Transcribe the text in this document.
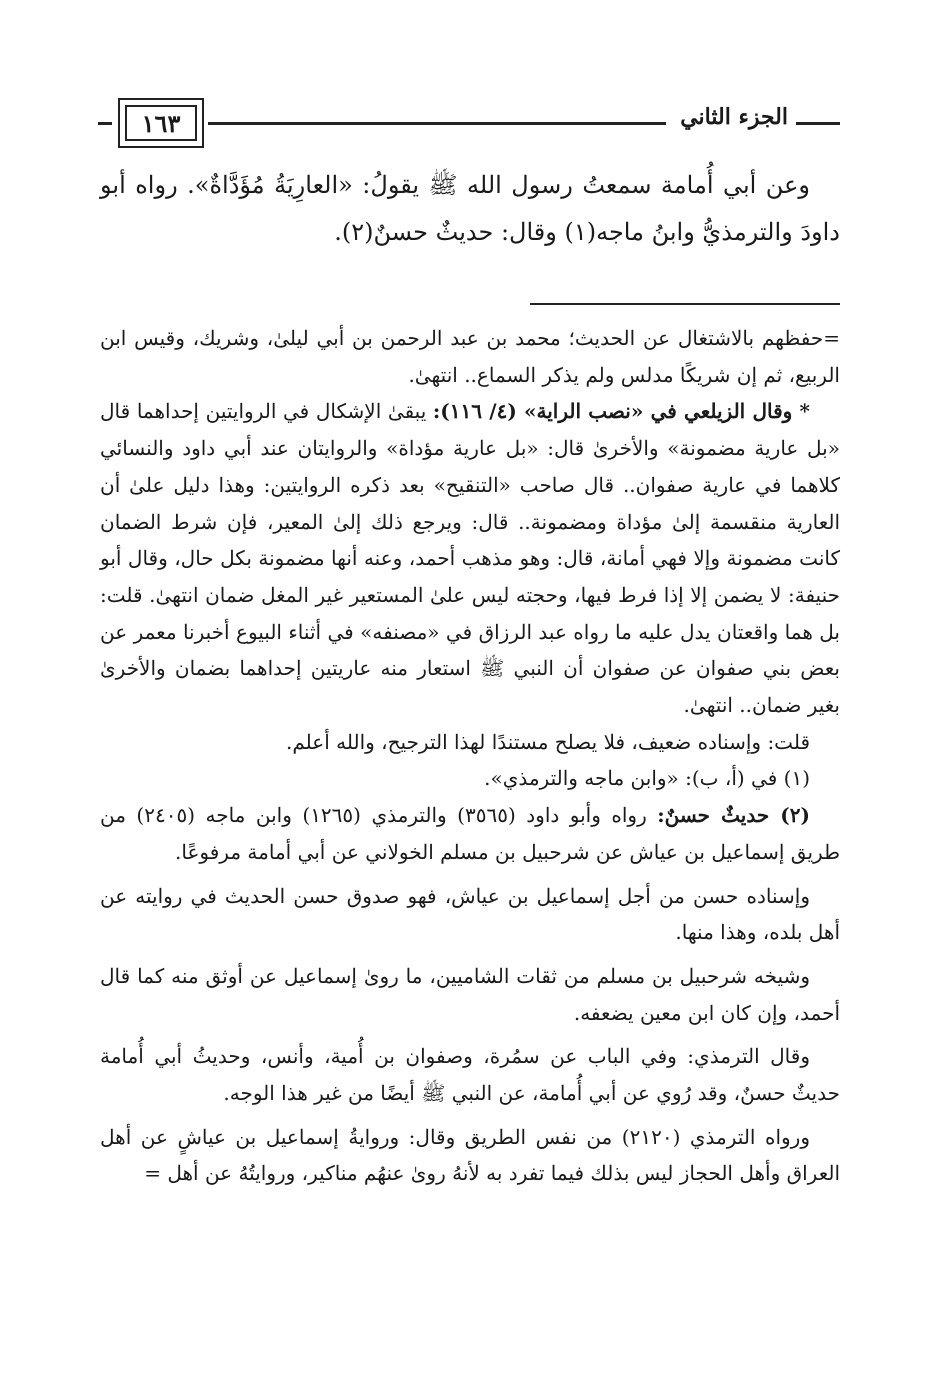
١٦٣	الجزء الثاني

وعن أبي أُمامة سمعتُ رسول الله ﷺ يقولُ: «العارِيَةُ مُؤَدَّاةٌ». رواه أبو داودَ والترمذيُّ وابنُ ماجه(١) وقال: حديثٌ حسنٌ(٢).

=حفظهم بالاشتغال عن الحديث؛ محمد بن عبد الرحمن بن أبي ليلىٰ، وشريك، وقيس ابن الربيع، ثم إن شريكًا مدلس ولم يذكر السماع.. انتهىٰ.

* وقال الزيلعي في «نصب الراية» (٤/ ١١٦): يبقىٰ الإشكال في الروايتين إحداهما قال «بل عارية مضمونة» والأخرىٰ قال: «بل عارية مؤداة» والروايتان عند أبي داود والنسائي كلاهما في عارية صفوان.. قال صاحب «التنقيح» بعد ذكره الروايتين: وهذا دليل علىٰ أن العارية منقسمة إلىٰ مؤداة ومضمونة.. قال: ويرجع ذلك إلىٰ المعير، فإن شرط الضمان كانت مضمونة وإلا فهي أمانة، قال: وهو مذهب أحمد، وعنه أنها مضمونة بكل حال، وقال أبو حنيفة: لا يضمن إلا إذا فرط فيها، وحجته ليس علىٰ المستعير غير المغل ضمان انتهىٰ. قلت: بل هما واقعتان يدل عليه ما رواه عبد الرزاق في «مصنفه» في أثناء البيوع أخبرنا معمر عن بعض بني صفوان عن صفوان أن النبي ﷺ استعار منه عاريتين إحداهما بضمان والأخرىٰ بغير ضمان.. انتهىٰ.

قلت: وإسناده ضعيف، فلا يصلح مستندًا لهذا الترجيح، والله أعلم.

(١) في (أ، ب): «وابن ماجه والترمذي».

(٢) حديثٌ حسنٌ: رواه وأبو داود (٣٥٦٥) والترمذي (١٢٦٥) وابن ماجه (٢٤٠٥) من طريق إسماعيل بن عياش عن شرحبيل بن مسلم الخولاني عن أبي أمامة مرفوعًا.

وإسناده حسن من أجل إسماعيل بن عياش، فهو صدوق حسن الحديث في روايته عن أهل بلده، وهذا منها.

وشيخه شرحبيل بن مسلم من ثقات الشاميين، ما روىٰ إسماعيل عن أوثق منه كما قال أحمد، وإن كان ابن معين يضعفه.

وقال الترمذي: وفي الباب عن سمُرة، وصفوان بن أُمية، وأنس، وحديثُ أبي أُمامة حديثٌ حسنٌ، وقد رُوي عن أبي أُمامة، عن النبي ﷺ أيضًا من غير هذا الوجه.

ورواه الترمذي (٢١٢٠) من نفس الطريق وقال: وروايةُ إسماعيل بن عياشٍ عن أهل العراق وأهل الحجاز ليس بذلك فيما تفرد به لأنهُ روىٰ عنهُم مناكير، وروايتُهُ عن أهل =
